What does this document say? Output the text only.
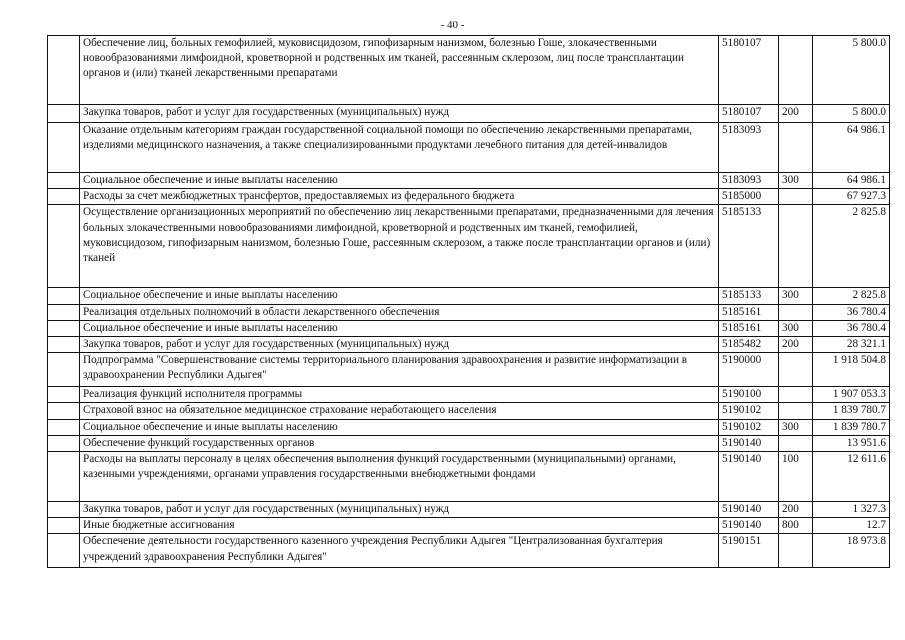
- 40 -
	Обеспечение лиц, больных гемофилией, муковисцидозом, гипофизарным нанизмом, болезнью Гоше, злокачественными новообразованиями лимфоидной, кроветворной и родственных им тканей, рассеянным склерозом, лиц после трансплантации органов и (или) тканей лекарственными препаратами	5180107		5 800.0
	Закупка товаров, работ и услуг для государственных (муниципальных) нужд	5180107	200	5 800.0
	Оказание отдельным категориям граждан государственной социальной помощи по обеспечению лекарственными препаратами, изделиями медицинского назначения, а также специализированными продуктами лечебного питания для детей-инвалидов	5183093		64 986.1
	Социальное обеспечение и иные выплаты населению	5183093	300	64 986.1
	Расходы за счет межбюджетных трансфертов, предоставляемых из федерального бюджета	5185000		67 927.3
	Осуществление организационных мероприятий по обеспечению лиц лекарственными препаратами, предназначенными для лечения больных злокачественными новообразованиями лимфоидной, кроветворной и родственных им тканей, гемофилией, муковисцидозом, гипофизарным нанизмом, болезнью Гоше, рассеянным склерозом, а также после трансплантации органов и (или) тканей	5185133		2 825.8
	Социальное обеспечение и иные выплаты населению	5185133	300	2 825.8
	Реализация отдельных полномочий в области лекарственного обеспечения	5185161		36 780.4
	Социальное обеспечение и иные выплаты населению	5185161	300	36 780.4
	Закупка товаров, работ и услуг для государственных (муниципальных) нужд	5185482	200	28 321.1
	Подпрограмма "Совершенствование системы территориального планирования здравоохранения и развитие информатизации в здравоохранении Республики Адыгея"	5190000		1 918 504.8
	Реализация функций исполнителя программы	5190100		1 907 053.3
	Страховой взнос на обязательное медицинское страхование неработающего населения	5190102		1 839 780.7
	Социальное обеспечение и иные выплаты населению	5190102	300	1 839 780.7
	Обеспечение функций государственных органов	5190140		13 951.6
	Расходы на выплаты персоналу в целях обеспечения выполнения функций государственными (муниципальными) органами, казенными учреждениями, органами управления государственными внебюджетными фондами	5190140	100	12 611.6
	Закупка товаров, работ и услуг для государственных (муниципальных) нужд	5190140	200	1 327.3
	Иные бюджетные ассигнования	5190140	800	12.7
	Обеспечение деятельности государственного казенного учреждения Республики Адыгея "Централизованная бухгалтерия учреждений здравоохранения Республики Адыгея"	5190151		18 973.8
